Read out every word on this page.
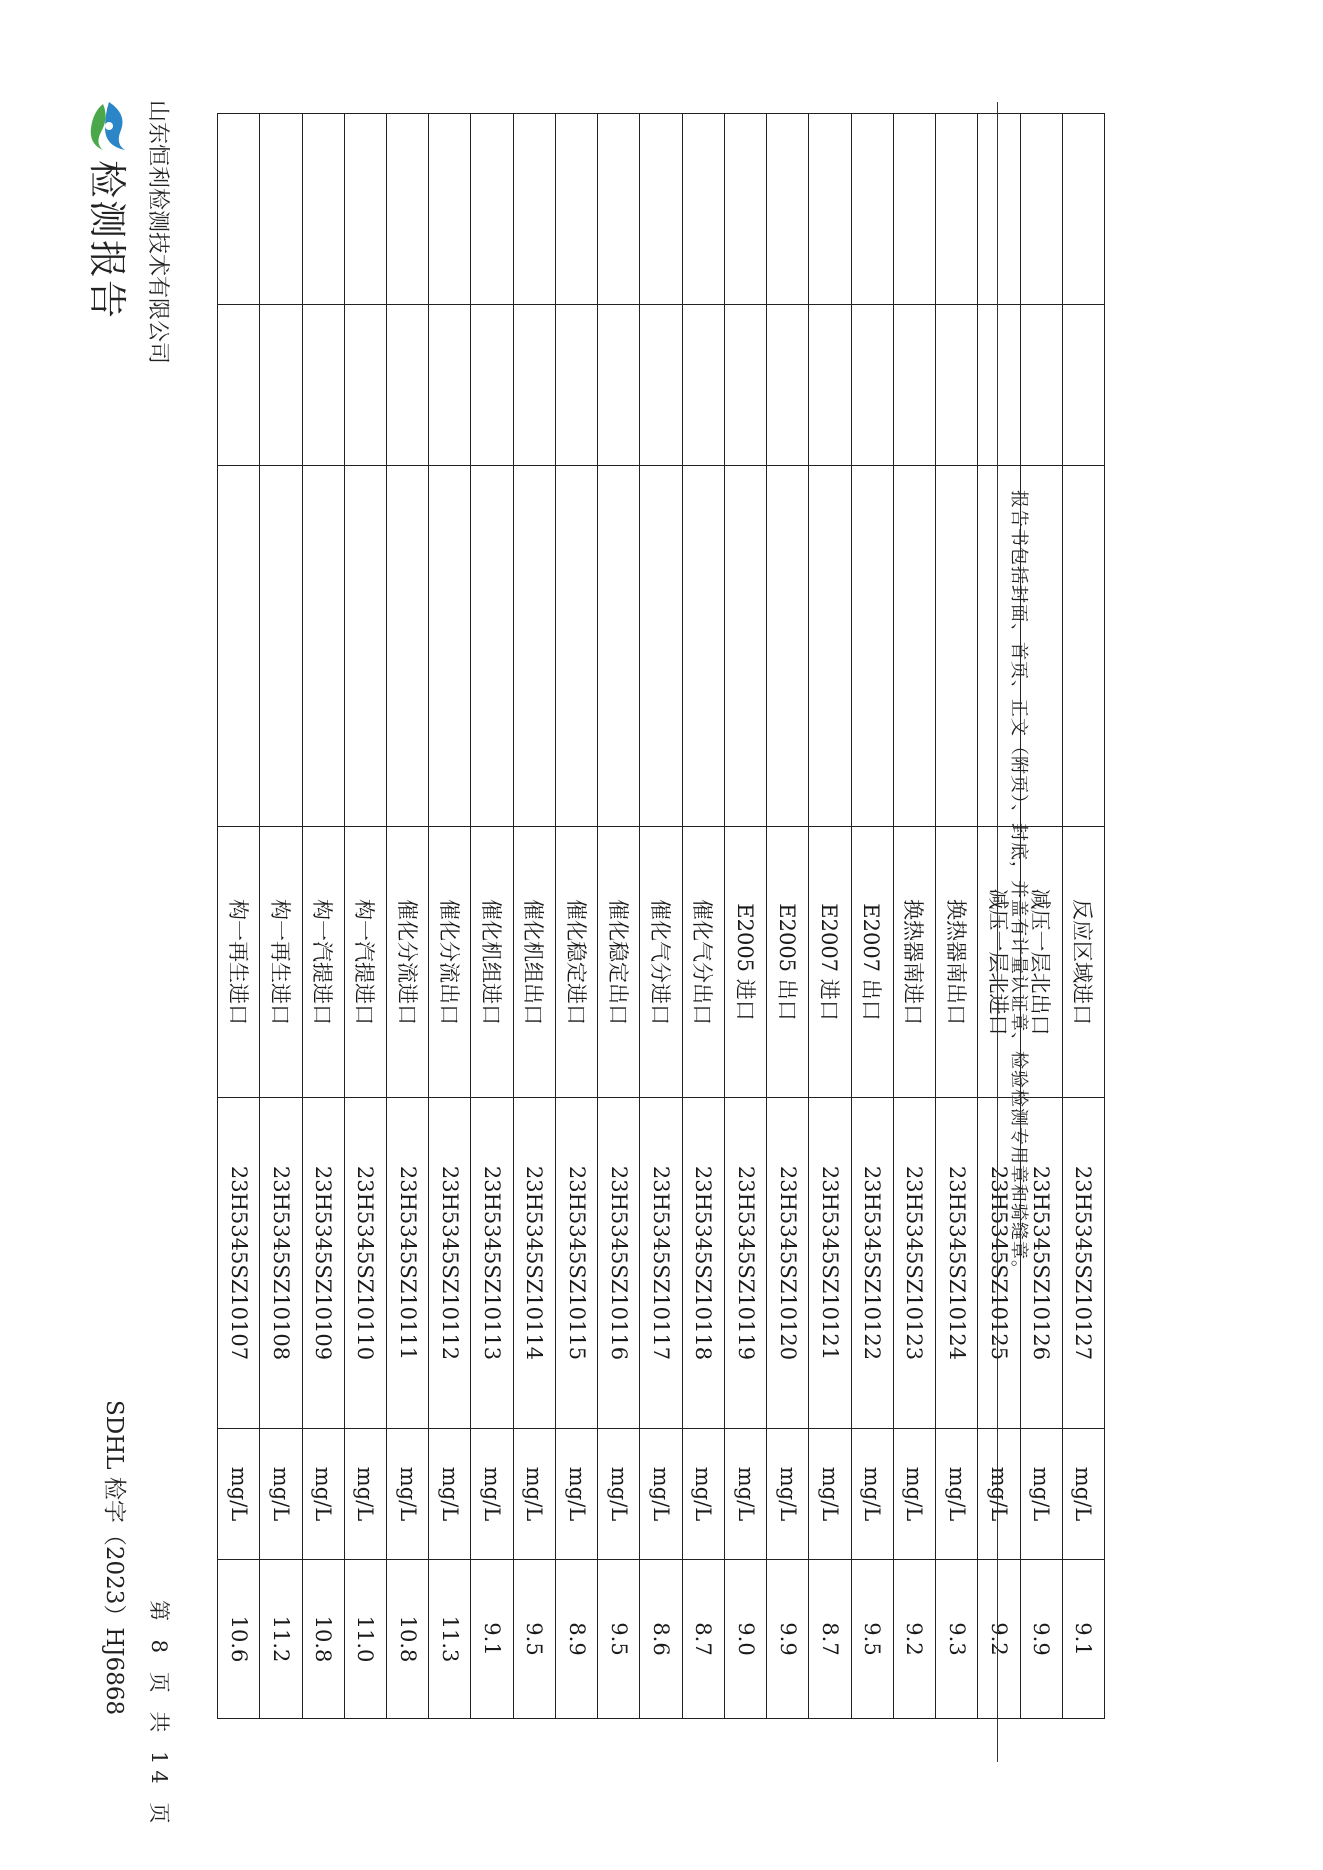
检测报告 山东恒利检测技术有限公司
SDHL 检字（2023）HJ6868 第 8 页 共 14 页
			反应区域进口	23H5345SZ10127	mg/L	9.1
			减压一层北出口	23H5345SZ10126	mg/L	9.9
			减压一层北进口	23H5345SZ10125	mg/L	9.2
			换热器南出口	23H5345SZ10124	mg/L	9.3
			换热器南进口	23H5345SZ10123	mg/L	9.2
			E2007 出口	23H5345SZ10122	mg/L	9.5
			E2007 进口	23H5345SZ10121	mg/L	8.7
			E2005 出口	23H5345SZ10120	mg/L	9.9
			E2005 进口	23H5345SZ10119	mg/L	9.0
			催化气分出口	23H5345SZ10118	mg/L	8.7
			催化气分进口	23H5345SZ10117	mg/L	8.6
			催化稳定出口	23H5345SZ10116	mg/L	9.5
			催化稳定进口	23H5345SZ10115	mg/L	8.9
			催化机组出口	23H5345SZ10114	mg/L	9.5
			催化机组进口	23H5345SZ10113	mg/L	9.1
			催化分流出口	23H5345SZ10112	mg/L	11.3
			催化分流进口	23H5345SZ10111	mg/L	10.8
			构一汽提进口	23H5345SZ10110	mg/L	11.0
			构一汽提进口	23H5345SZ10109	mg/L	10.8
			构一再生进口	23H5345SZ10108	mg/L	11.2
			构一再生进口	23H5345SZ10107	mg/L	10.6
报告书包括封面、首页、正文（附页）、封底，并盖有计量认证章、检验检测专用章和骑缝章。
